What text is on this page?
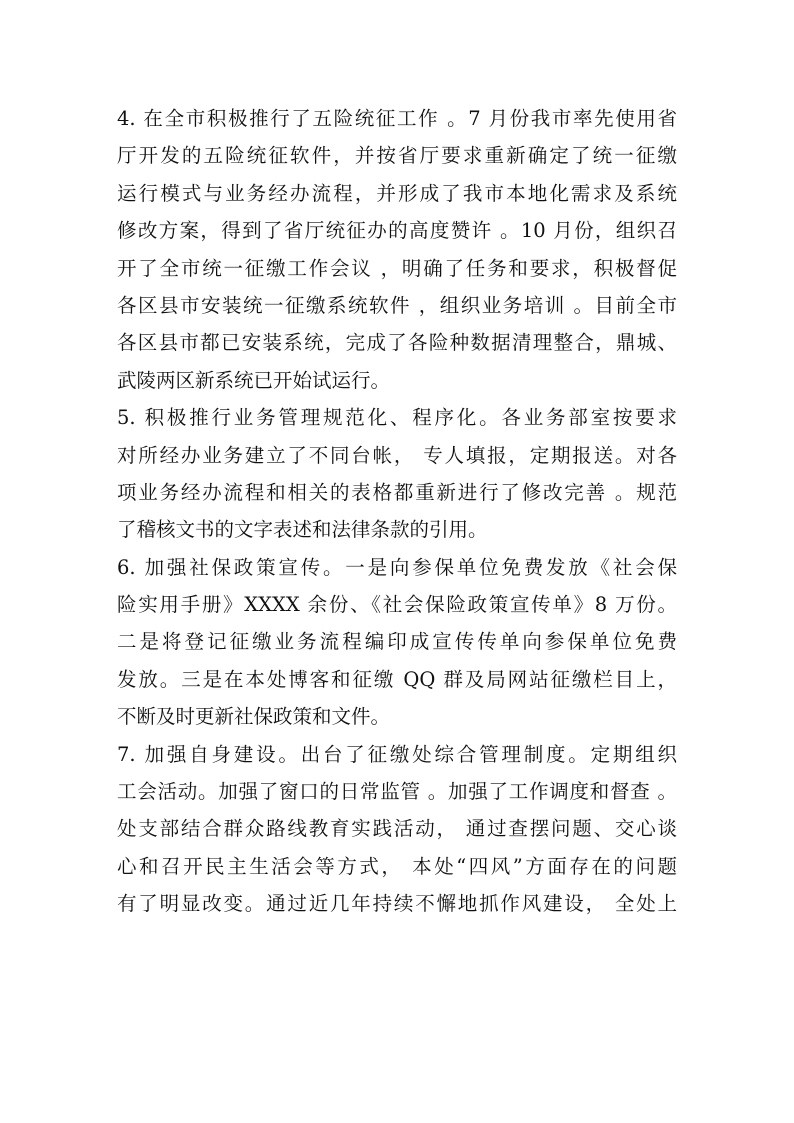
4. 在全市积极推行了五险统征工作 。7 月份我市率先使用省
厅开发的五险统征软件，并按省厅要求重新确定了统一征缴
运行模式与业务经办流程，并形成了我市本地化需求及系统
修改方案，得到了省厅统征办的高度赞许 。10 月份，组织召
开了全市统一征缴工作会议 ，明确了任务和要求，积极督促
各区县市安装统一征缴系统软件 ，组织业务培训 。目前全市
各区县市都已安装系统，完成了各险种数据清理整合，鼎城、
武陵两区新系统已开始试运行。
5. 积极推行业务管理规范化、程序化。各业务部室按要求
对所经办业务建立了不同台帐， 专人填报，定期报送。对各
项业务经办流程和相关的表格都重新进行了修改完善 。规范
了稽核文书的文字表述和法律条款的引用。
6. 加强社保政策宣传。一是向参保单位免费发放《社会保
险实用手册》XXXX 余份、《社会保险政策宣传单》8 万份。
二是将登记征缴业务流程编印成宣传传单向参保单位免费
发放。三是在本处博客和征缴 QQ 群及局网站征缴栏目上，
不断及时更新社保政策和文件。
7. 加强自身建设。出台了征缴处综合管理制度。定期组织
工会活动。加强了窗口的日常监管 。加强了工作调度和督查 。
处支部结合群众路线教育实践活动， 通过查摆问题、交心谈
心和召开民主生活会等方式， 本处“四风”方面存在的问题
有了明显改变。通过近几年持续不懈地抓作风建设， 全处上
